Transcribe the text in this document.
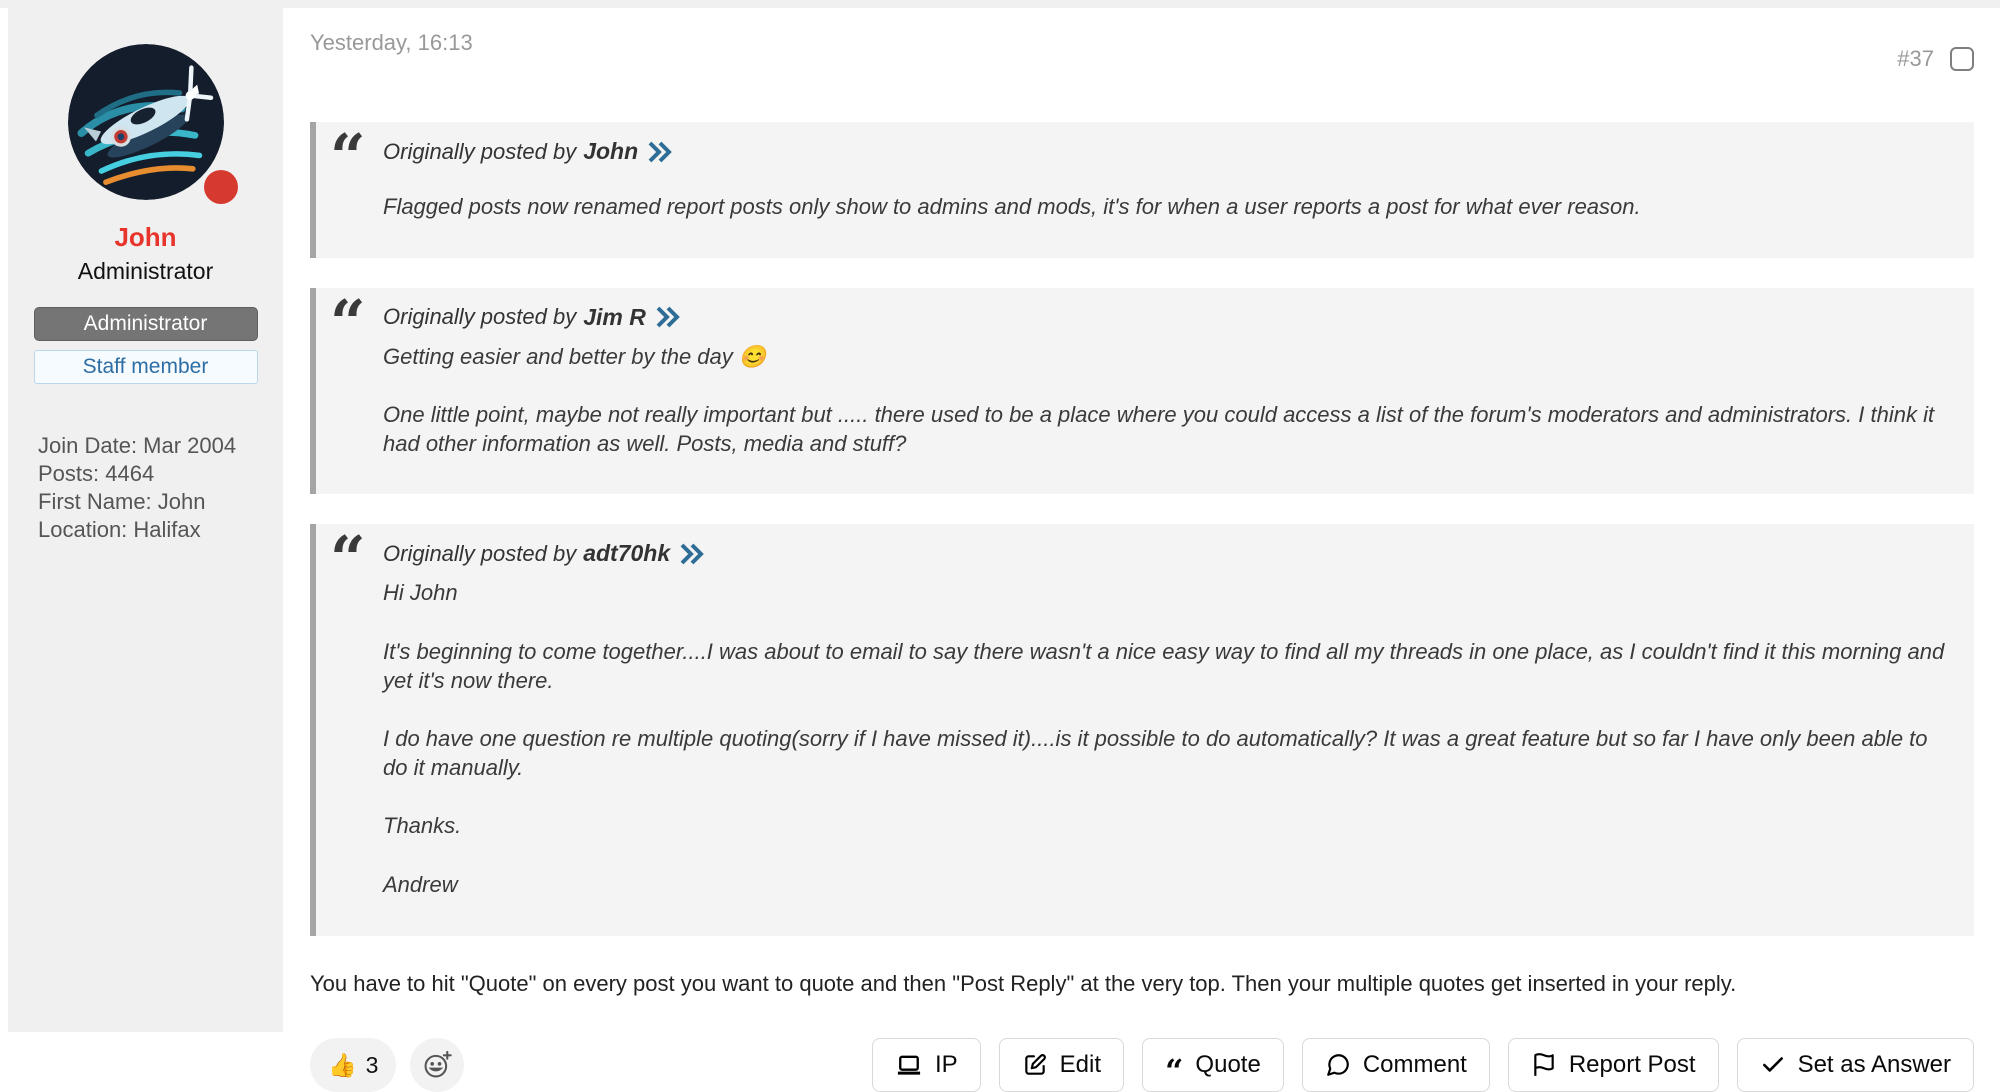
John
Administrator
Administrator
Staff member
Join Date: Mar 2004
Posts: 4464
First Name: John
Location: Halifax
Yesterday, 16:13
#37
“ Originally posted by John

Flagged posts now renamed report posts only show to admins and mods, it's for when a user reports a post for what ever reason.

“ Originally posted by Jim R

Getting easier and better by the day 😊

One little point, maybe not really important but ..... there used to be a place where you could access a list of the forum's moderators and administrators. I think it had other information as well. Posts, media and stuff?

“ Originally posted by adt70hk

Hi John

It's beginning to come together....I was about to email to say there wasn't a nice easy way to find all my threads in one place, as I couldn't find it this morning and yet it's now there.

I do have one question re multiple quoting(sorry if I have missed it)....is it possible to do automatically? It was a great feature but so far I have only been able to do it manually.

Thanks.

Andrew

You have to hit "Quote" on every post you want to quote and then "Post Reply" at the very top. Then your multiple quotes get inserted in your reply.

👍 3	IP	Edit “ Quote	Comment	Report Post	Set as Answer
